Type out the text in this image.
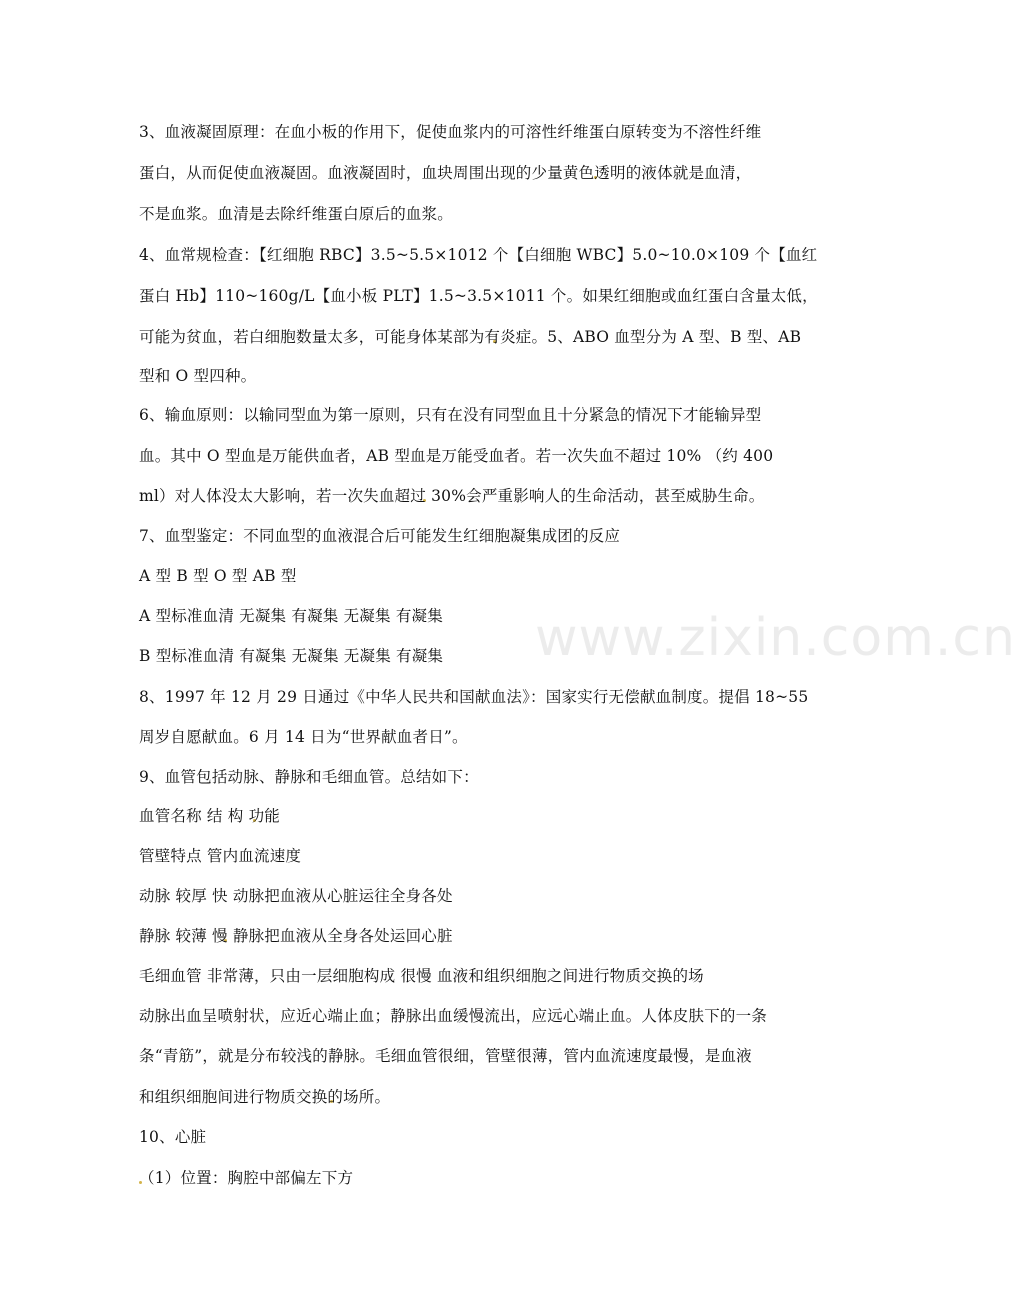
www.zixin.com.cn
3、血液凝固原理：在血小板的作用下，促使血浆内的可溶性纤维蛋白原转变为不溶性纤维
蛋白，从而促使血液凝固。血液凝固时，血块周围出现的少量黄色透明的液体就是血清，
不是血浆。血清是去除纤维蛋白原后的血浆。
4、血常规检查：【红细胞 RBC】3.5~5.5×1012 个【白细胞 WBC】5.0~10.0×109 个【血红
蛋白 Hb】110~160g/L【血小板 PLT】1.5~3.5×1011 个。如果红细胞或血红蛋白含量太低，
可能为贫血，若白细胞数量太多，可能身体某部为有炎症。5、ABO 血型分为 A 型、B 型、AB
型和 O 型四种。
6、输血原则：以输同型血为第一原则，只有在没有同型血且十分紧急的情况下才能输异型
血。其中 O 型血是万能供血者，AB 型血是万能受血者。若一次失血不超过 10% （约 400
ml）对人体没太大影响，若一次失血超过 30%会严重影响人的生命活动，甚至威胁生命。
7、血型鉴定：不同血型的血液混合后可能发生红细胞凝集成团的反应
A 型 B 型 O 型 AB 型
A 型标准血清 无凝集 有凝集 无凝集 有凝集
B 型标准血清 有凝集 无凝集 无凝集 有凝集
8、1997 年 12 月 29 日通过《中华人民共和国献血法》：国家实行无偿献血制度。提倡 18~55
周岁自愿献血。6 月 14 日为“世界献血者日”。
9、血管包括动脉、静脉和毛细血管。总结如下：
血管名称 结 构 功能
管壁特点 管内血流速度
动脉 较厚 快 动脉把血液从心脏运往全身各处
静脉 较薄 慢 静脉把血液从全身各处运回心脏
毛细血管 非常薄，只由一层细胞构成 很慢 血液和组织细胞之间进行物质交换的场
动脉出血呈喷射状，应近心端止血；静脉出血缓慢流出，应远心端止血。人体皮肤下的一条
条“青筋”，就是分布较浅的静脉。毛细血管很细，管壁很薄，管内血流速度最慢，是血液
和组织细胞间进行物质交换的场所。
10、心脏
（1）位置：胸腔中部偏左下方
